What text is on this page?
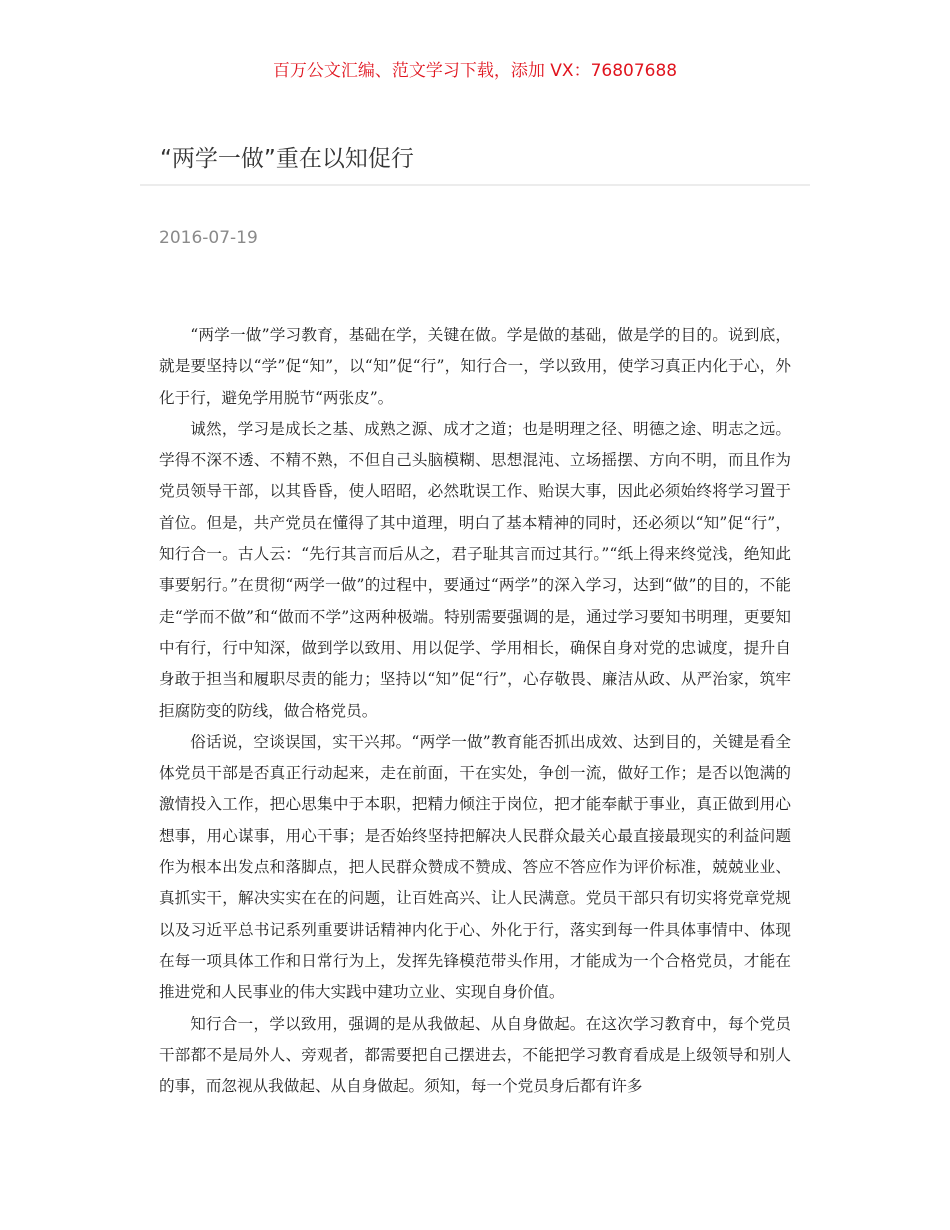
百万公文汇编、范文学习下载，添加 VX：76807688
“两学一做”重在以知促行
2016-07-19

“两学一做”学习教育，基础在学，关键在做。学是做的基础，做是学的目的。说到底，就是要坚持以“学”促“知”，以“知”促“行”，知行合一，学以致用，使学习真正内化于心，外化于行，避免学用脱节“两张皮”。

诚然，学习是成长之基、成熟之源、成才之道；也是明理之径、明德之途、明志之远。学得不深不透、不精不熟，不但自己头脑模糊、思想混沌、立场摇摆、方向不明，而且作为党员领导干部，以其昏昏，使人昭昭，必然耽误工作、贻误大事，因此必须始终将学习置于首位。但是，共产党员在懂得了其中道理，明白了基本精神的同时，还必须以“知”促“行”，知行合一。古人云：“先行其言而后从之，君子耻其言而过其行。”“纸上得来终觉浅，绝知此事要躬行。”在贯彻“两学一做”的过程中，要通过“两学”的深入学习，达到“做”的目的，不能走“学而不做”和“做而不学”这两种极端。特别需要强调的是，通过学习要知书明理，更要知中有行，行中知深，做到学以致用、用以促学、学用相长，确保自身对党的忠诚度，提升自身敢于担当和履职尽责的能力；坚持以“知”促“行”，心存敬畏、廉洁从政、从严治家，筑牢拒腐防变的防线，做合格党员。

俗话说，空谈误国，实干兴邦。“两学一做”教育能否抓出成效、达到目的，关键是看全体党员干部是否真正行动起来，走在前面，干在实处，争创一流，做好工作；是否以饱满的激情投入工作，把心思集中于本职，把精力倾注于岗位，把才能奉献于事业，真正做到用心想事，用心谋事，用心干事；是否始终坚持把解决人民群众最关心最直接最现实的利益问题作为根本出发点和落脚点，把人民群众赞成不赞成、答应不答应作为评价标准，兢兢业业、真抓实干，解决实实在在的问题，让百姓高兴、让人民满意。党员干部只有切实将党章党规以及习近平总书记系列重要讲话精神内化于心、外化于行，落实到每一件具体事情中、体现在每一项具体工作和日常行为上，发挥先锋模范带头作用，才能成为一个合格党员，才能在推进党和人民事业的伟大实践中建功立业、实现自身价值。

知行合一，学以致用，强调的是从我做起、从自身做起。在这次学习教育中，每个党员干部都不是局外人、旁观者，都需要把自己摆进去，不能把学习教育看成是上级领导和别人的事，而忽视从我做起、从自身做起。须知，每一个党员身后都有许多
